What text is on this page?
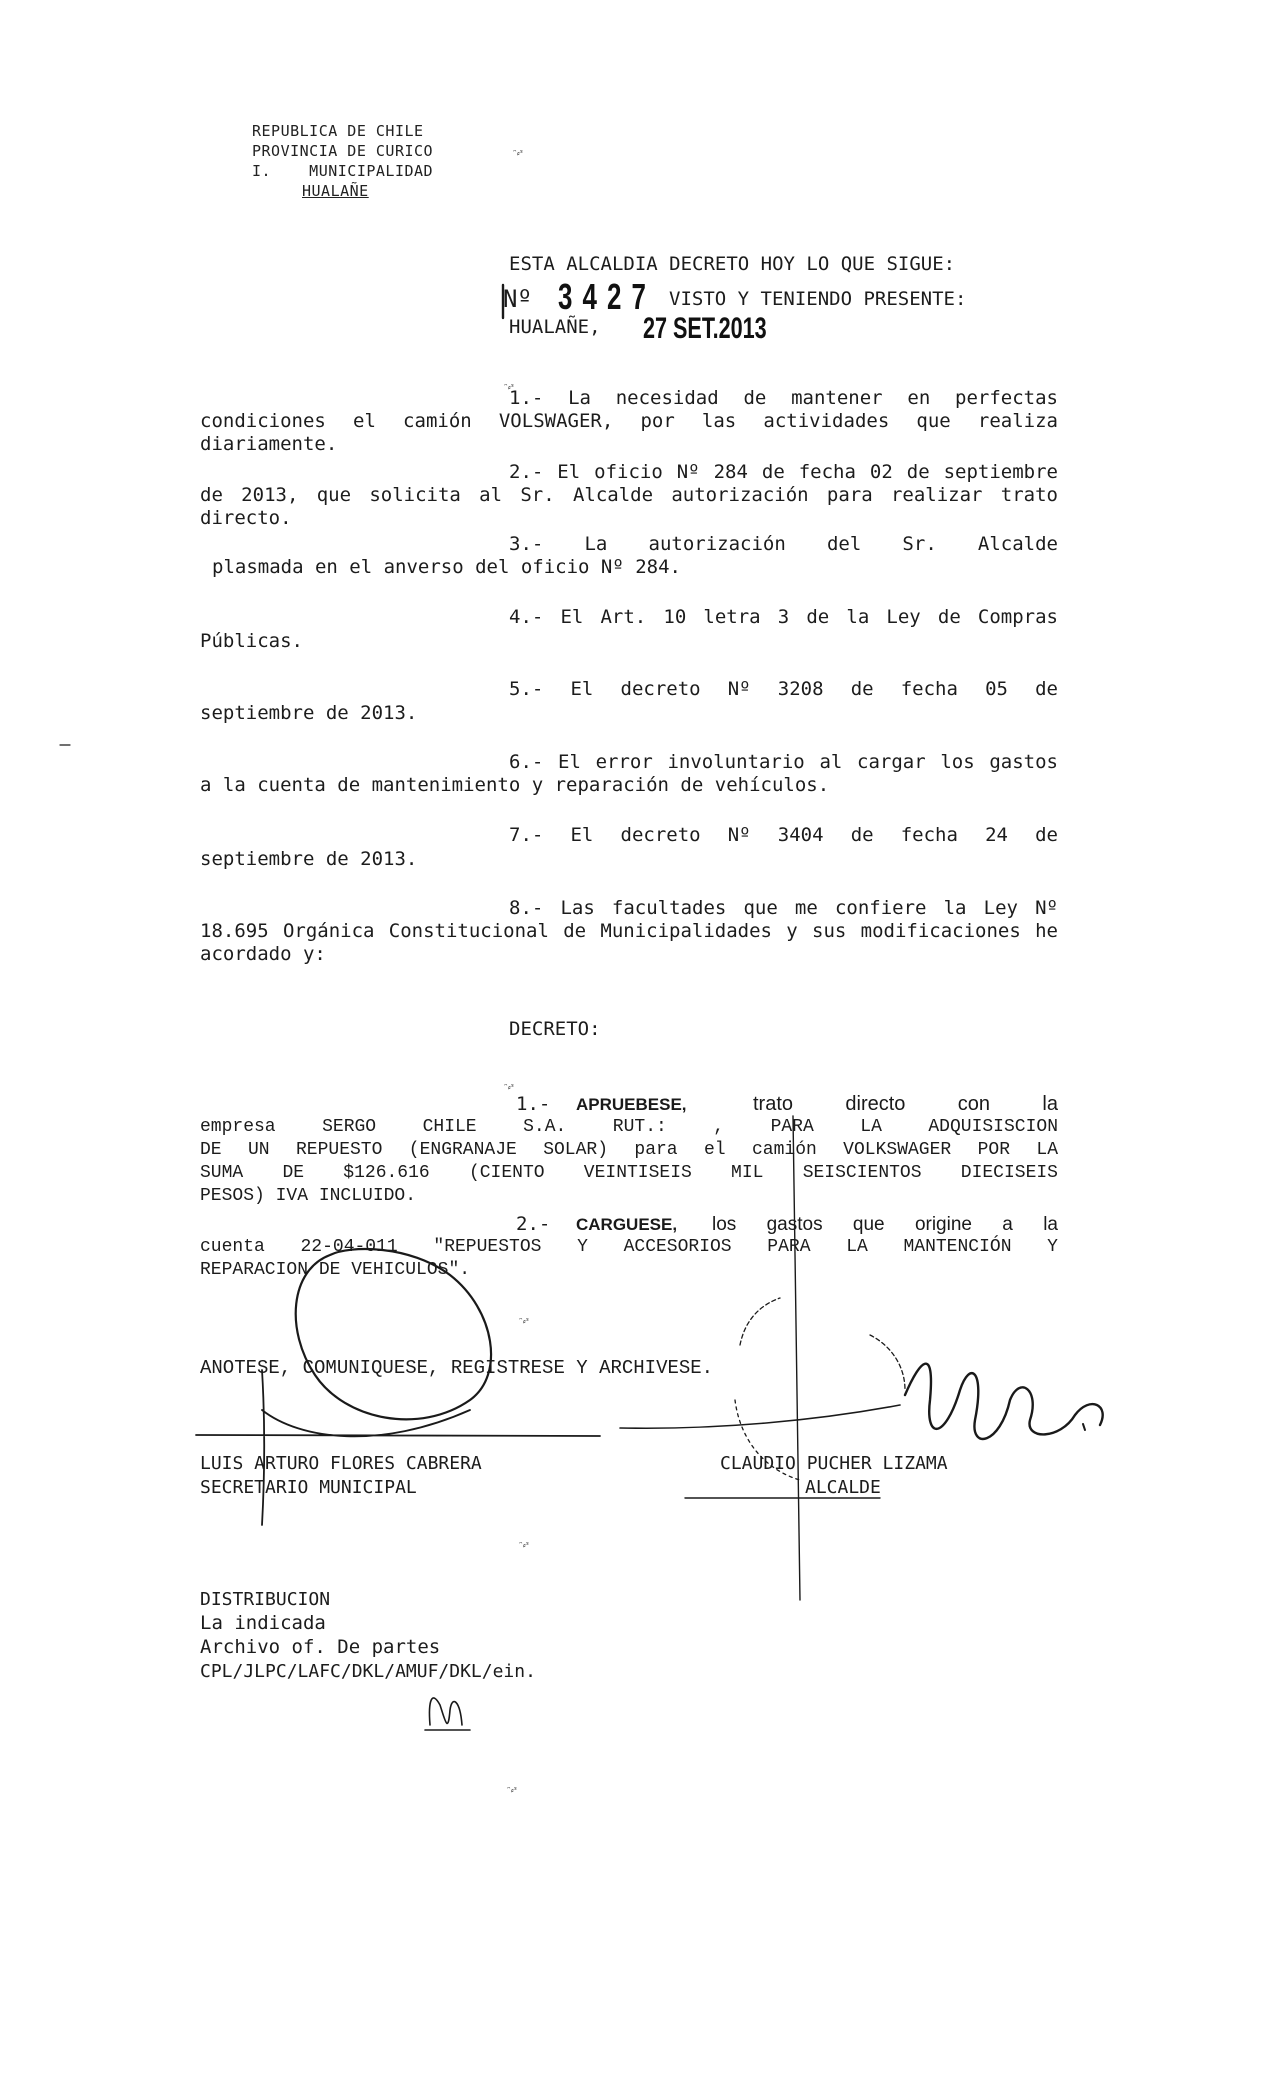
REPUBLICA DE CHILE
PROVINCIA DE CURICO
I.    MUNICIPALIDAD
HUALAÑE
ESTA ALCALDIA DECRETO HOY LO QUE SIGUE:
Nº 3427 VISTO Y TENIENDO PRESENTE:
HUALAÑE, 27 SET.2013
1.- La necesidad de mantener en perfectas condiciones el camión VOLSWAGER, por las actividades que realiza diariamente.
2.- El oficio Nº 284 de fecha 02 de septiembre de 2013, que solicita al Sr. Alcalde autorización para realizar trato directo.
3.- La autorización del Sr. Alcalde
plasmada en el anverso del oficio Nº 284.
4.- El Art. 10 letra 3 de la Ley de Compras
Públicas.
5.- El decreto Nº 3208 de fecha 05 de
septiembre de 2013.
6.- El error involuntario al cargar los gastos a la cuenta de mantenimiento y reparación de vehículos.
7.- El decreto Nº 3404 de fecha 24 de
septiembre de 2013.
8.- Las facultades que me confiere la Ley Nº 18.695 Orgánica Constitucional de Municipalidades y sus modificaciones he acordado y:
DECRETO:
1.- APRUEBESE,	trato directo con la
empresa SERGO CHILE S.A. RUT.: , PARA LA ADQUISISCION
DE UN REPUESTO (ENGRANAJE SOLAR) para el camión VOLKSWAGER POR LA
SUMA DE $126.616 (CIENTO VEINTISEIS MIL SEISCIENTOS DIECISEIS
PESOS) IVA INCLUIDO.
2.- CARGUESE, los gastos que origine a la
cuenta 22-04-011 "REPUESTOS Y ACCESORIOS PARA LA MANTENCIÓN Y
REPARACION DE VEHICULOS".
ANOTESE, COMUNIQUESE, REGISTRESE Y ARCHIVESE.
LUIS ARTURO FLORES CABRERA
SECRETARIO MUNICIPAL
CLAUDIO PUCHER LIZAMA
ALCALDE
DISTRIBUCION
La indicada
Archivo of. De partes
CPL/JLPC/LAFC/DKL/AMUF/DKL/ein.
ᵔ⸗ᵌ
ᵔ⸗ᵌ
ᵔ⸗ᵌ
ᵔ⸗ᵌ
ᵔ⸗ᵌ
ᵔ⸗ᵌ
